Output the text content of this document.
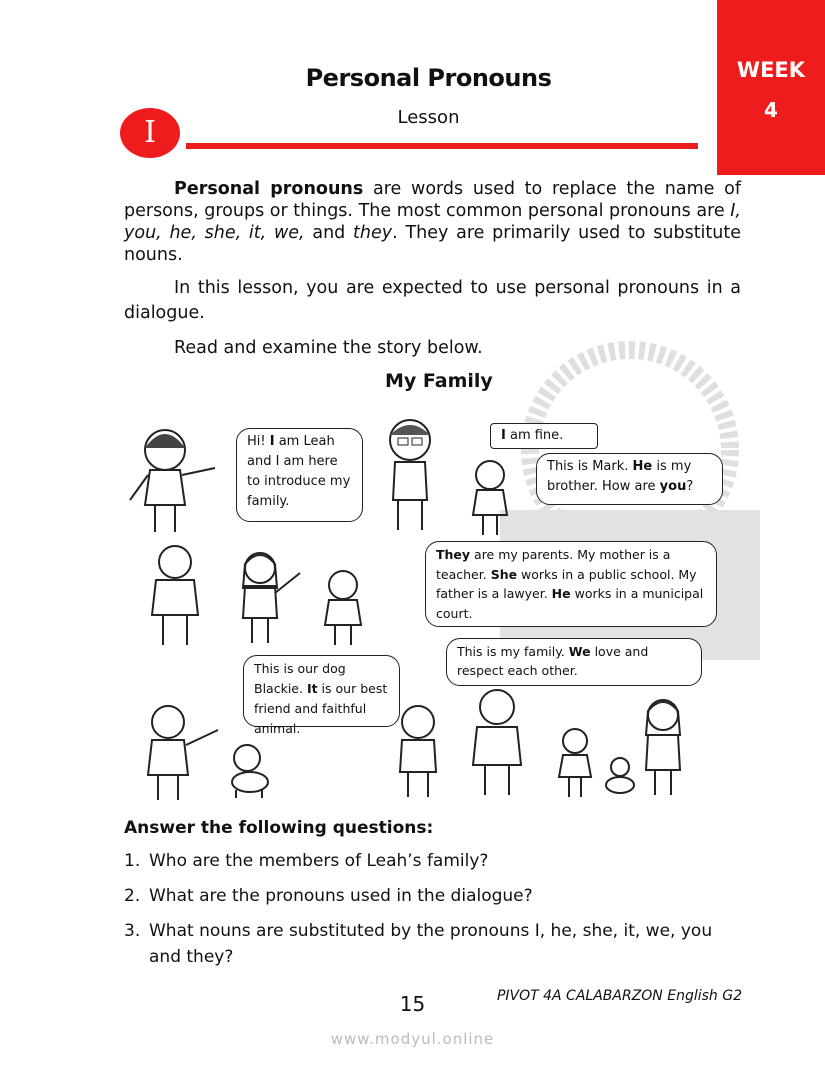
WEEK
4
Personal Pronouns
Lesson
I
Personal pronouns are words used to replace the name of persons, groups or things. The most common personal pronouns are I, you, he, she, it, we, and they. They are primarily used to substitute nouns.
In this lesson, you are expected to use personal pronouns in a dialogue.
Read and examine the story below.
My Family
Hi! I am Leah and I am here to introduce my family.
I am fine.
This is Mark. He is my brother. How are you?
They are my parents. My mother is a teacher. She works in a public school. My father is a lawyer. He works in a municipal court.
This is my family. We love and respect each other.
This is our dog Blackie. It is our best friend and faithful animal.
Answer the following questions:
1. Who are the members of Leah’s family?
2. What are the pronouns used in the dialogue?
3. What nouns are substituted by the pronouns I, he, she, it, we, you
and they?
15	PIVOT 4A CALABARZON English G2
www.modyul.online
